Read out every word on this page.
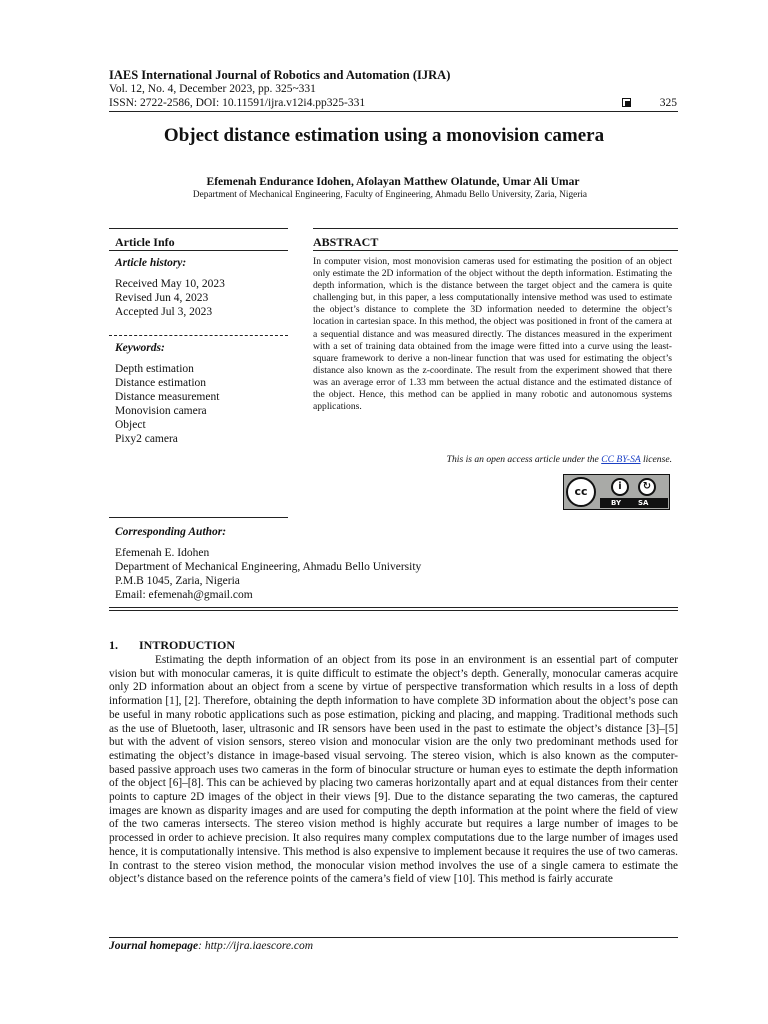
IAES International Journal of Robotics and Automation (IJRA)
Vol. 12, No. 4, December 2023, pp. 325~331
ISSN: 2722-2586, DOI: 10.11591/ijra.v12i4.pp325-331	325
Object distance estimation using a monovision camera
Efemenah Endurance Idohen, Afolayan Matthew Olatunde, Umar Ali Umar
Department of Mechanical Engineering, Faculty of Engineering, Ahmadu Bello University, Zaria, Nigeria
Article Info
Article history:
Received May 10, 2023
Revised Jun 4, 2023
Accepted Jul 3, 2023
Keywords:
Depth estimation
Distance estimation
Distance measurement
Monovision camera
Object
Pixy2 camera
ABSTRACT
In computer vision, most monovision cameras used for estimating the position of an object only estimate the 2D information of the object without the depth information. Estimating the depth information, which is the distance between the target object and the camera is quite challenging but, in this paper, a less computationally intensive method was used to estimate the object’s distance to complete the 3D information needed to determine the object’s location in cartesian space. In this method, the object was positioned in front of the camera at a sequential distance and was measured directly. The distances measured in the experiment with a set of training data obtained from the image were fitted into a curve using the least-square framework to derive a non-linear function that was used for estimating the object’s distance also known as the z-coordinate. The result from the experiment showed that there was an average error of 1.33 mm between the actual distance and the estimated distance of the object. Hence, this method can be applied in many robotic and autonomous systems applications.
This is an open access article under the CC BY-SA license.
cc	i	↻
BY SA
Corresponding Author:
Efemenah E. Idohen
Department of Mechanical Engineering, Ahmadu Bello University
P.M.B 1045, Zaria, Nigeria
Email: efemenah@gmail.com
1.       INTRODUCTION

Estimating the depth information of an object from its pose in an environment is an essential part of computer vision but with monocular cameras, it is quite difficult to estimate the object’s depth. Generally, monocular cameras acquire only 2D information about an object from a scene by virtue of perspective transformation which results in a loss of depth information [1], [2]. Therefore, obtaining the depth information to have complete 3D information about the object’s pose can be useful in many robotic applications such as pose estimation, picking and placing, and mapping. Traditional methods such as the use of Bluetooth, laser, ultrasonic and IR sensors have been used in the past to estimate the object’s distance [3]–[5] but with the advent of vision sensors, stereo vision and monocular vision are the only two predominant methods used for estimating the object’s distance in image-based visual servoing. The stereo vision, which is also known as the computer-based passive approach uses two cameras in the form of binocular structure or human eyes to estimate the depth information of the object [6]–[8]. This can be achieved by placing two cameras horizontally apart and at equal distances from their center points to capture 2D images of the object in their views [9]. Due to the distance separating the two cameras, the captured images are known as disparity images and are used for computing the depth information at the point where the field of view of the two cameras intersects. The stereo vision method is highly accurate but requires a large number of images to be processed in order to achieve precision. It also requires many complex computations due to the large number of images used hence, it is computationally intensive. This method is also expensive to implement because it requires the use of two cameras. In contrast to the stereo vision method, the monocular vision method involves the use of a single camera to estimate the object’s distance based on the reference points of the camera’s field of view [10]. This method is fairly accurate

Journal homepage: http://ijra.iaescore.com
